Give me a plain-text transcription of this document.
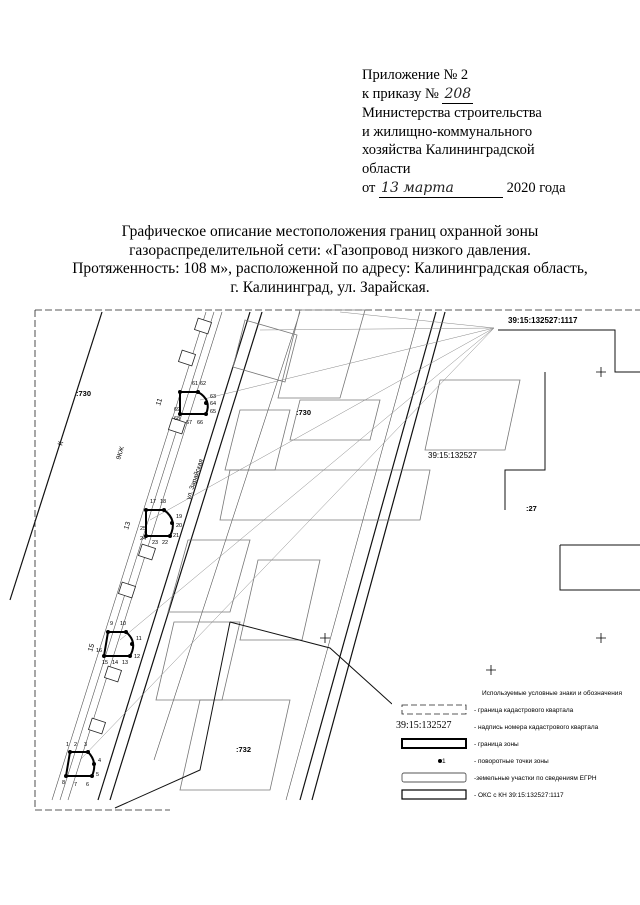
Приложение № 2
к приказу № 208
Министерства строительства
и жилищно-коммунального
хозяйства Калининградской
области
от 13 марта	2020 года
Графическое описание местоположения границ охранной зоны
газораспределительной сети: «Газопровод низкого давления.
Протяженность: 108 м», расположенной по адресу: Калининградская область,
г. Калининград, ул. Зарайская.
61 62
63
64
65
66
67
68
69
17 18
19
20
21
22
23
24
25
9 10
11
12
13
14
15
16
1 2 3
4
5
6
7
8
:730
:730
:27
:732
39:15:132527
39:15:132527:1117
ул. Зарайская
К
9КЖ
11
13
15
Используемые условные знаки и обозначения
- граница кадастрового квартала
39:15:132527	- надпись номера кадастрового квартала
- граница зоны
1	- поворотные точки зоны
-земельные участки по сведениям ЕГРН
- ОКС с КН 39:15:132527:1117
